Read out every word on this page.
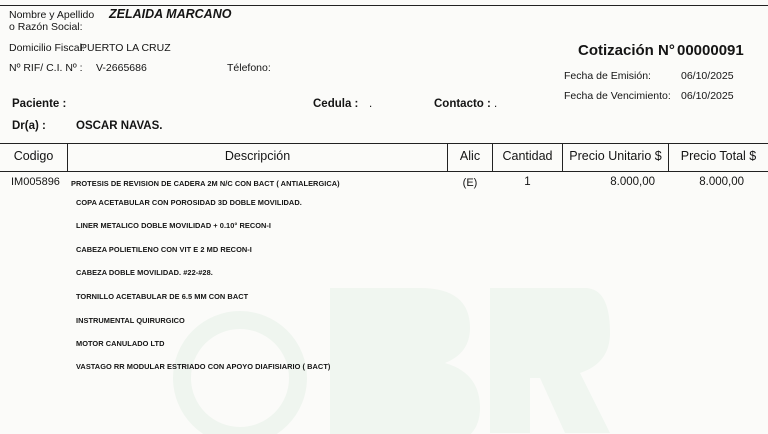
Nombre y Apellido ZELAIDA MARCANO
o Razón Social:
Domicilio Fiscal:
PUERTO LA CRUZ
Nº RIF/ C.I. Nº : V-2665686	Télefono:
Paciente :	Cedula : .	Contacto : .
Dr(a) :	OSCAR NAVAS.
Cotización N° 00000091
Fecha de Emisión:	06/10/2025
Fecha de Vencimiento: 06/10/2025
Codigo	Descripción	Alic	Cantidad	Precio Unitario $	Precio Total $
IM005896 PROTESIS DE REVISION DE CADERA 2M N/C CON BACT ( ANTIALERGICA)	(E)	1	8.000,00	8.000,00
COPA ACETABULAR CON POROSIDAD 3D DOBLE MOVILIDAD.
LINER METALICO DOBLE MOVILIDAD + 0.10° RECON-I
CABEZA POLIETILENO CON VIT E 2 MD RECON-I
CABEZA DOBLE MOVILIDAD. #22-#28.
TORNILLO ACETABULAR DE 6.5 MM CON BACT
INSTRUMENTAL QUIRURGICO
MOTOR CANULADO LTD
VASTAGO RR MODULAR ESTRIADO CON APOYO DIAFISIARIO ( BACT)
